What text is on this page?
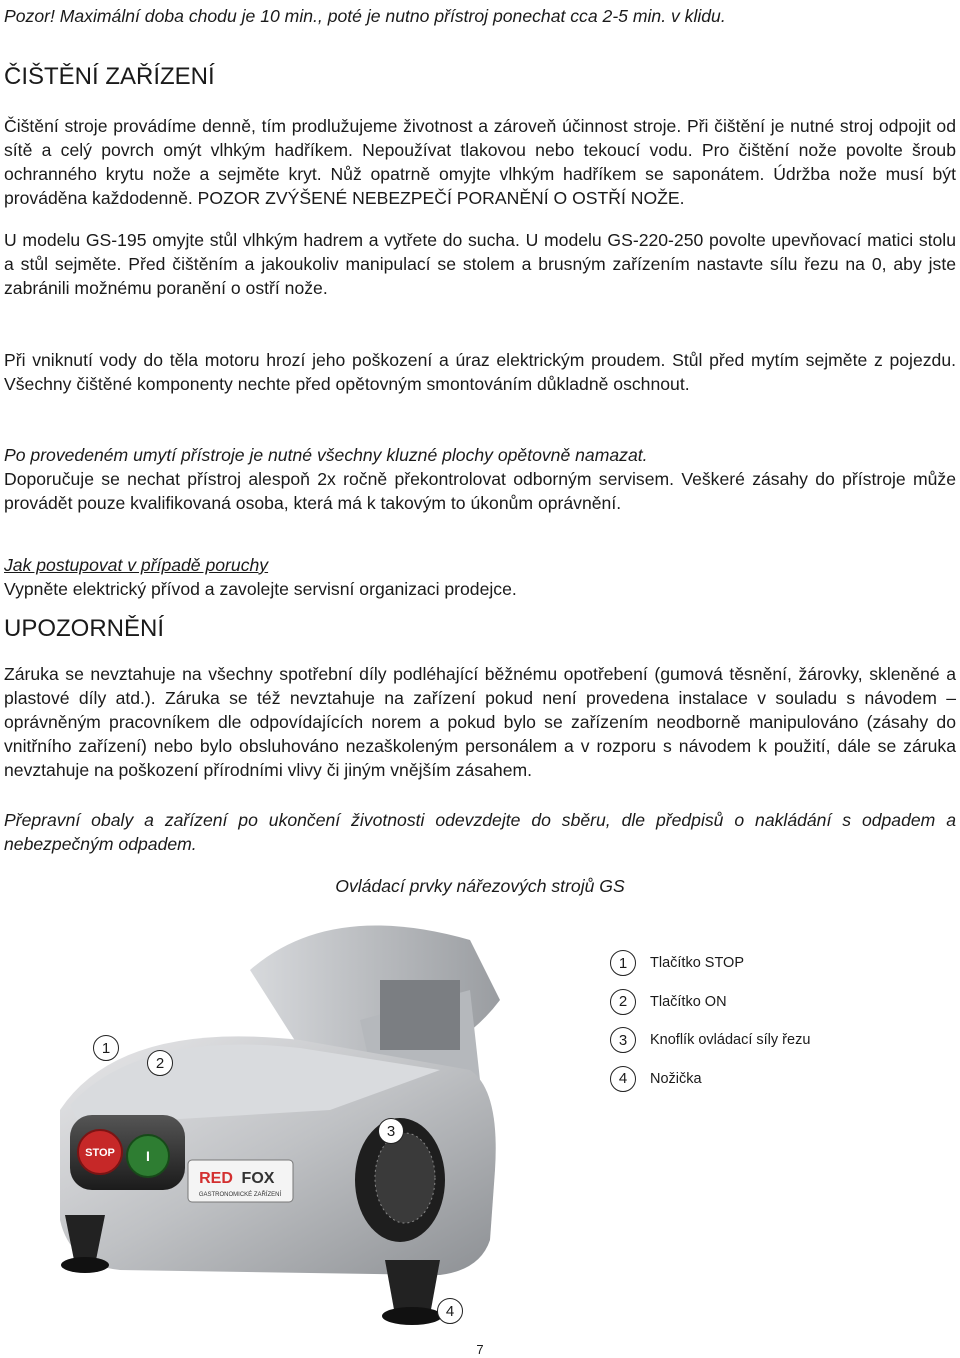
Pozor! Maximální doba chodu je 10 min., poté je nutno přístroj ponechat cca 2-5 min. v klidu.

ČIŠTĚNÍ ZAŘÍZENÍ

Čištění stroje provádíme denně, tím prodlužujeme životnost a zároveň účinnost stroje. Při čištění je nutné stroj odpojit od sítě a celý povrch omýt vlhkým hadříkem. Nepoužívat tlakovou nebo tekoucí vodu. Pro čištění nože povolte šroub ochranného krytu nože a sejměte kryt. Nůž opatrně omyjte vlhkým hadříkem se saponátem. Údržba nože musí být prováděna každodenně. POZOR ZVÝŠENÉ NEBEZPEČÍ PORANĚNÍ O OSTŘÍ NOŽE.

U modelu GS-195 omyjte stůl vlhkým hadrem a vytřete do sucha. U modelu GS-220-250 povolte upevňovací matici stolu a stůl sejměte. Před čištěním a jakoukoliv manipulací se stolem a brusným zařízením nastavte sílu řezu na 0, aby jste zabránili možnému poranění o ostří nože.

Při vniknutí vody do těla motoru hrozí jeho poškození a úraz elektrickým proudem. Stůl před mytím sejměte z pojezdu. Všechny čištěné komponenty nechte před opětovným smontováním důkladně oschnout.

Po provedeném umytí přístroje je nutné všechny kluzné plochy opětovně namazat.

Doporučuje se nechat přístroj alespoň 2x ročně překontrolovat odborným servisem. Veškeré zásahy do přístroje může provádět pouze kvalifikovaná osoba, která má k takovým to úkonům oprávnění.

Jak postupovat v případě poruchy

Vypněte elektrický přívod a zavolejte servisní organizaci prodejce.

UPOZORNĚNÍ

Záruka se nevztahuje na všechny spotřební díly podléhající běžnému opotřebení (gumová těsnění, žárovky, skleněné a plastové díly atd.). Záruka se též nevztahuje na zařízení pokud není provedena instalace v souladu s návodem – oprávněným pracovníkem dle odpovídajících norem a pokud bylo se zařízením neodborně manipulováno (zásahy do vnitřního zařízení) nebo bylo obsluhováno nezaškoleným personálem a v rozporu s návodem k použití, dále se záruka nevztahuje na poškození přírodními vlivy či jiným vnějším zásahem.

Přepravní obaly a zařízení po ukončení životnosti odevzdejte do sběru, dle předpisů o nakládání s odpadem a nebezpečným odpadem.

Ovládací prvky nářezových strojů GS
STOP I
RED FOX
GASTRONOMICKÉ ZAŘÍZENÍ
1
2
3
4
1	Tlačítko STOP
2	Tlačítko ON
3	Knoflík ovládací síly řezu
4	Nožička
7
